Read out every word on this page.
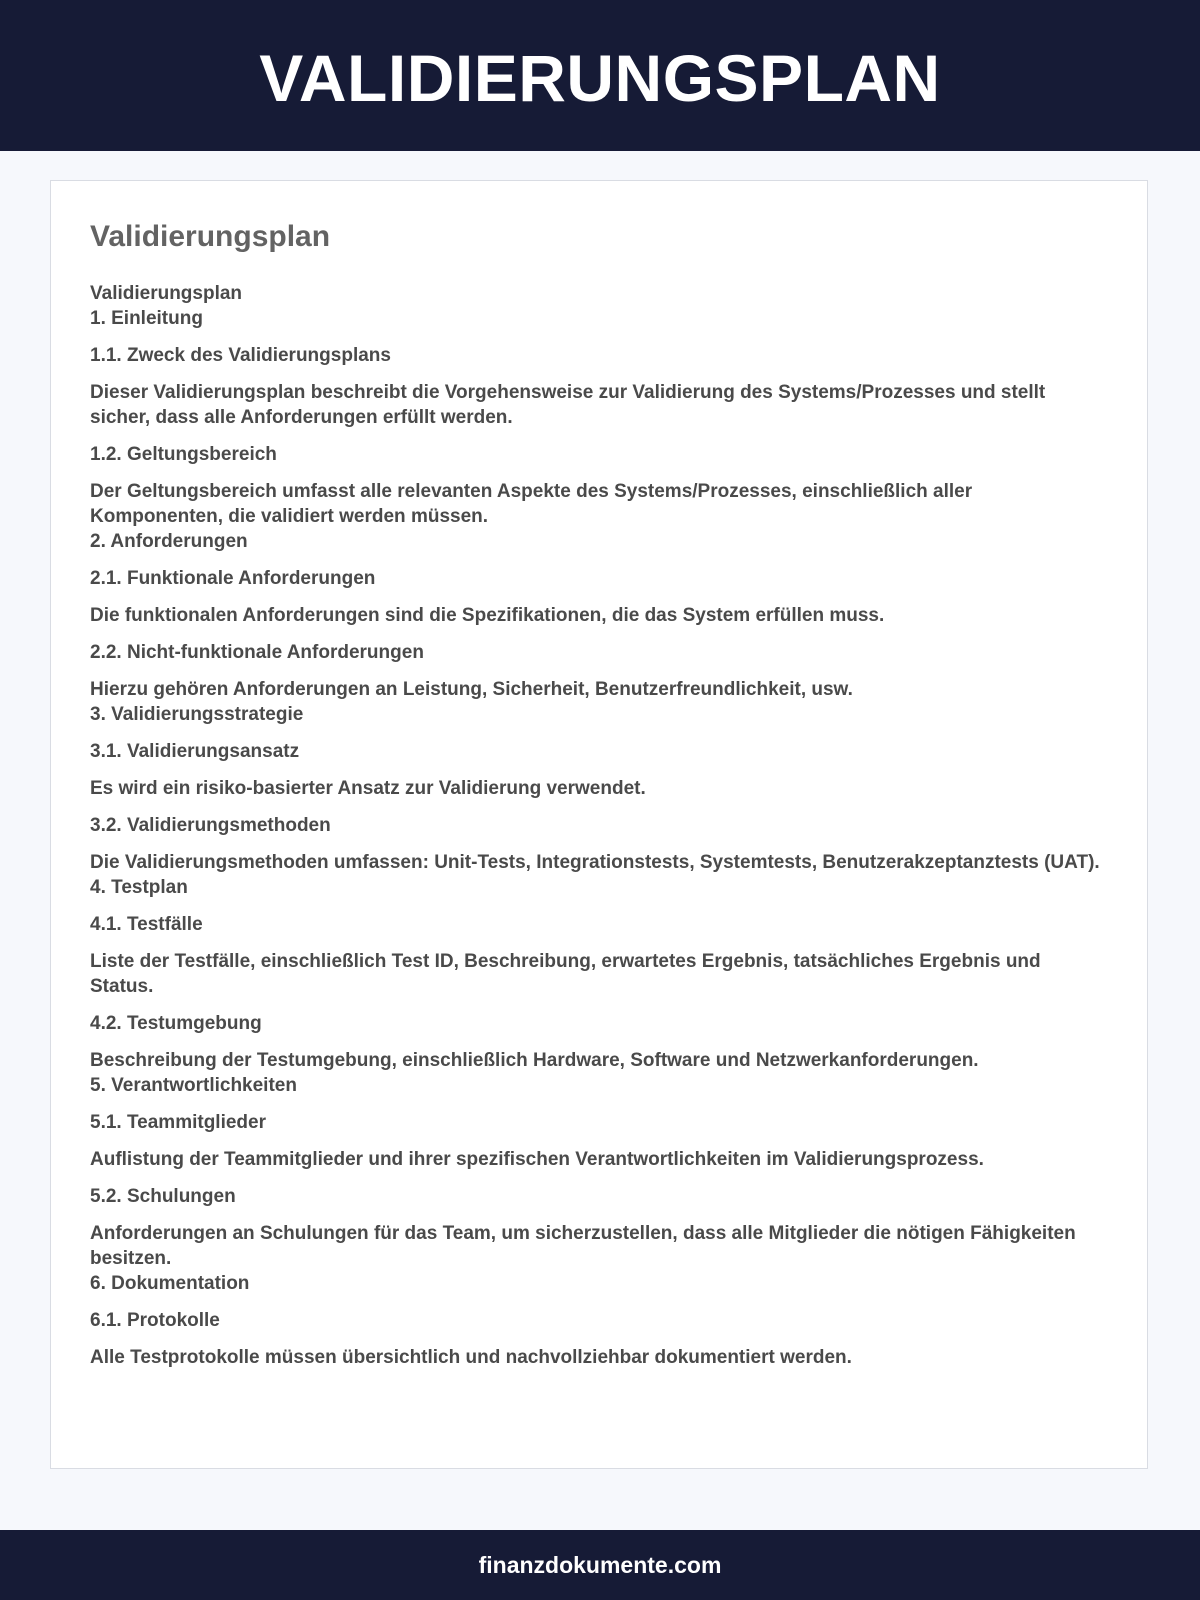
VALIDIERUNGSPLAN
Validierungsplan

Validierungsplan

1. Einleitung

1.1. Zweck des Validierungsplans

Dieser Validierungsplan beschreibt die Vorgehensweise zur Validierung des Systems/Prozesses und stellt sicher, dass alle Anforderungen erfüllt werden.

1.2. Geltungsbereich

Der Geltungsbereich umfasst alle relevanten Aspekte des Systems/Prozesses, einschließlich aller Komponenten, die validiert werden müssen.

2. Anforderungen

2.1. Funktionale Anforderungen

Die funktionalen Anforderungen sind die Spezifikationen, die das System erfüllen muss.

2.2. Nicht-funktionale Anforderungen

Hierzu gehören Anforderungen an Leistung, Sicherheit, Benutzerfreundlichkeit, usw.

3. Validierungsstrategie

3.1. Validierungsansatz

Es wird ein risiko-basierter Ansatz zur Validierung verwendet.

3.2. Validierungsmethoden

Die Validierungsmethoden umfassen: Unit-Tests, Integrationstests, Systemtests, Benutzerakzeptanztests (UAT).

4. Testplan

4.1. Testfälle

Liste der Testfälle, einschließlich Test ID, Beschreibung, erwartetes Ergebnis, tatsächliches Ergebnis und Status.

4.2. Testumgebung

Beschreibung der Testumgebung, einschließlich Hardware, Software und Netzwerkanforderungen.

5. Verantwortlichkeiten

5.1. Teammitglieder

Auflistung der Teammitglieder und ihrer spezifischen Verantwortlichkeiten im Validierungsprozess.

5.2. Schulungen

Anforderungen an Schulungen für das Team, um sicherzustellen, dass alle Mitglieder die nötigen Fähigkeiten besitzen.

6. Dokumentation

6.1. Protokolle

Alle Testprotokolle müssen übersichtlich und nachvollziehbar dokumentiert werden.

finanzdokumente.com
